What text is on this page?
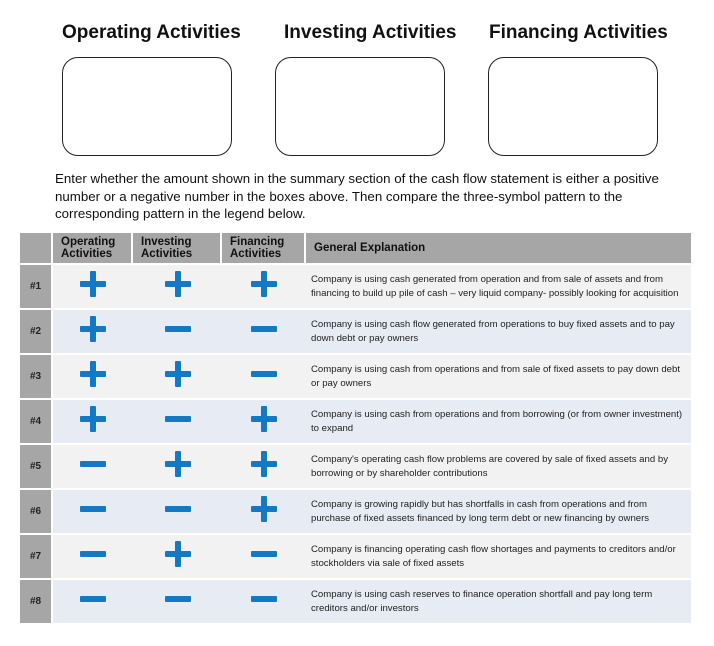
Operating Activities Investing Activities Financing Activities
Enter whether the amount shown in the summary section of the cash flow statement is either a positive number or a negative number in the boxes above. Then compare the three-symbol pattern to the corresponding pattern in the legend below.
	Operating Activities	Investing Activities	Financing Activities	General Explanation
#1				Company is using cash generated from operation and from sale of assets and from financing to build up pile of cash – very liquid company- possibly looking for acquisition
#2				Company is using cash flow generated from operations to buy fixed assets and to pay down debt or pay owners
#3				Company is using cash from operations and from sale of fixed assets to pay down debt or pay owners
#4				Company is using cash from operations and from borrowing (or from owner investment) to expand
#5				Company's operating cash flow problems are covered by sale of fixed assets and by borrowing or by shareholder contributions
#6				Company is growing rapidly but has shortfalls in cash from operations and from purchase of fixed assets financed by long term debt or new financing by owners
#7				Company is financing operating cash flow shortages and payments to creditors and/or stockholders via sale of fixed assets
#8				Company is using cash reserves to finance operation shortfall and pay long term creditors and/or investors
